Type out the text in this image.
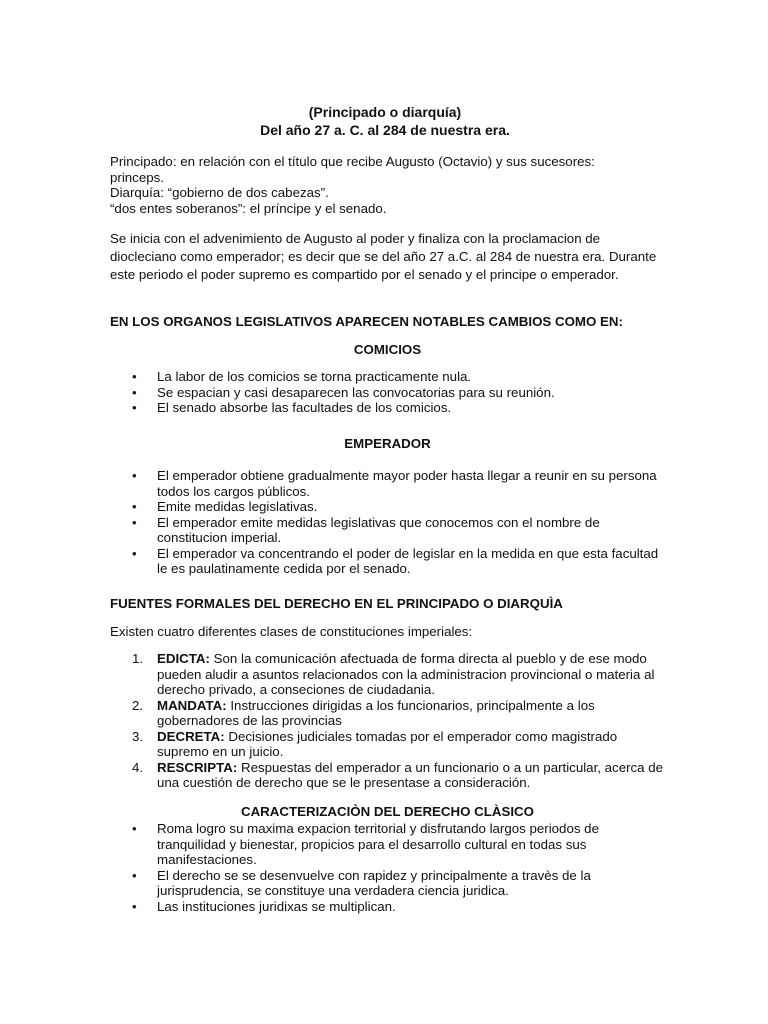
(Principado o diarquía)
Del año 27 a. C. al 284 de nuestra era.
Principado: en relación con el título que recibe Augusto (Octavio) y sus sucesores:
princeps.
Diarquía: “gobierno de dos cabezas”.
“dos entes soberanos”: el príncipe y el senado.

Se inicia con el advenimiento de Augusto al poder y finaliza con la proclamacion de diocleciano como emperador; es decir que se del año 27 a.C. al 284 de nuestra era. Durante este periodo el poder supremo es compartido por el senado y el principe o emperador.

EN LOS ORGANOS LEGISLATIVOS APARECEN NOTABLES CAMBIOS COMO EN:
COMICIOS
• La labor de los comicios se torna practicamente nula.
• Se espacian y casi desaparecen las convocatorias para su reunión.
• El senado absorbe las facultades de los comicios.
EMPERADOR
• El emperador obtiene gradualmente mayor poder hasta llegar a reunir en su persona todos los cargos públicos.
• Emite medidas legislativas.
• El emperador emite medidas legislativas que conocemos con el nombre de constitucion imperial.
• El emperador va concentrando el poder de legislar en la medida en que esta facultad le es paulatinamente cedida por el senado.
FUENTES FORMALES DEL DERECHO EN EL PRINCIPADO O DIARQUÌA
Existen cuatro diferentes clases de constituciones imperiales:
1. EDICTA: Son la comunicación afectuada de forma directa al pueblo y de ese modo pueden aludir a asuntos relacionados con la administracion provincional o materia al derecho privado, a conseciones de ciudadania.
2. MANDATA: Instrucciones dirigidas a los funcionarios, principalmente a los gobernadores de las provincias
3. DECRETA: Decisiones judiciales tomadas por el emperador como magistrado supremo en un juicio.
4. RESCRIPTA: Respuestas del emperador a un funcionario o a un particular, acerca de una cuestión de derecho que se le presentase a consideración.
CARACTERIZACIÒN DEL DERECHO CLÀSICO
• Roma logro su maxima expacion territorial y disfrutando largos periodos de tranquilidad y bienestar, propicios para el desarrollo cultural en todas sus manifestaciones.
• El derecho se se desenvuelve con rapidez y principalmente a travès de la jurisprudencia, se constituye una verdadera ciencia juridica.
• Las instituciones juridixas se multiplican.
